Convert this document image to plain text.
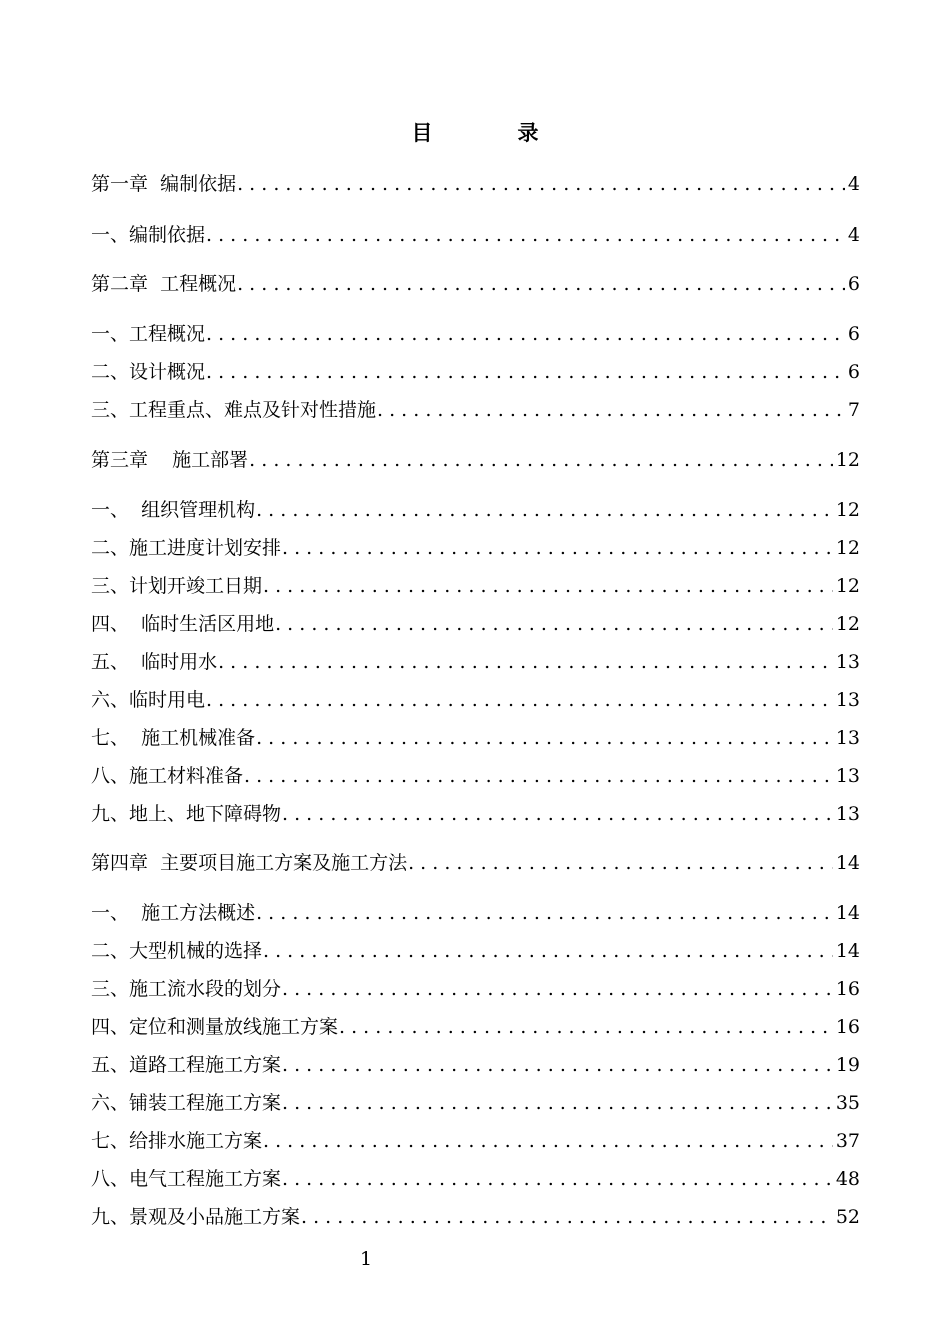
目　录
第一章  编制依据 . . .	4
一、编制依据 . . .	4
第二章  工程概况 . . .	6
一、工程概况 . . .	6
二、设计概况 . . .	6
三、工程重点、难点及针对性措施 . . .	7
第三章    施工部署 . . .	12
一、  组织管理机构 . . .	12
二、施工进度计划安排 . . .	12
三、计划开竣工日期 . . .	12
四、  临时生活区用地 . . .	12
五、  临时用水 . . .	13
六、临时用电 . . .	13
七、  施工机械准备 . . .	13
八、施工材料准备 . . .	13
九、地上、地下障碍物 . . .	13
第四章  主要项目施工方案及施工方法 . . .	14
一、  施工方法概述 . . .	14
二、大型机械的选择 . . .	14
三、施工流水段的划分 . . .	16
四、定位和测量放线施工方案 . . .	16
五、道路工程施工方案 . . .	19
六、铺装工程施工方案 . . .	35
七、给排水施工方案 . . .	37
八、电气工程施工方案 . . .	48
九、景观及小品施工方案 . . .	52
1
